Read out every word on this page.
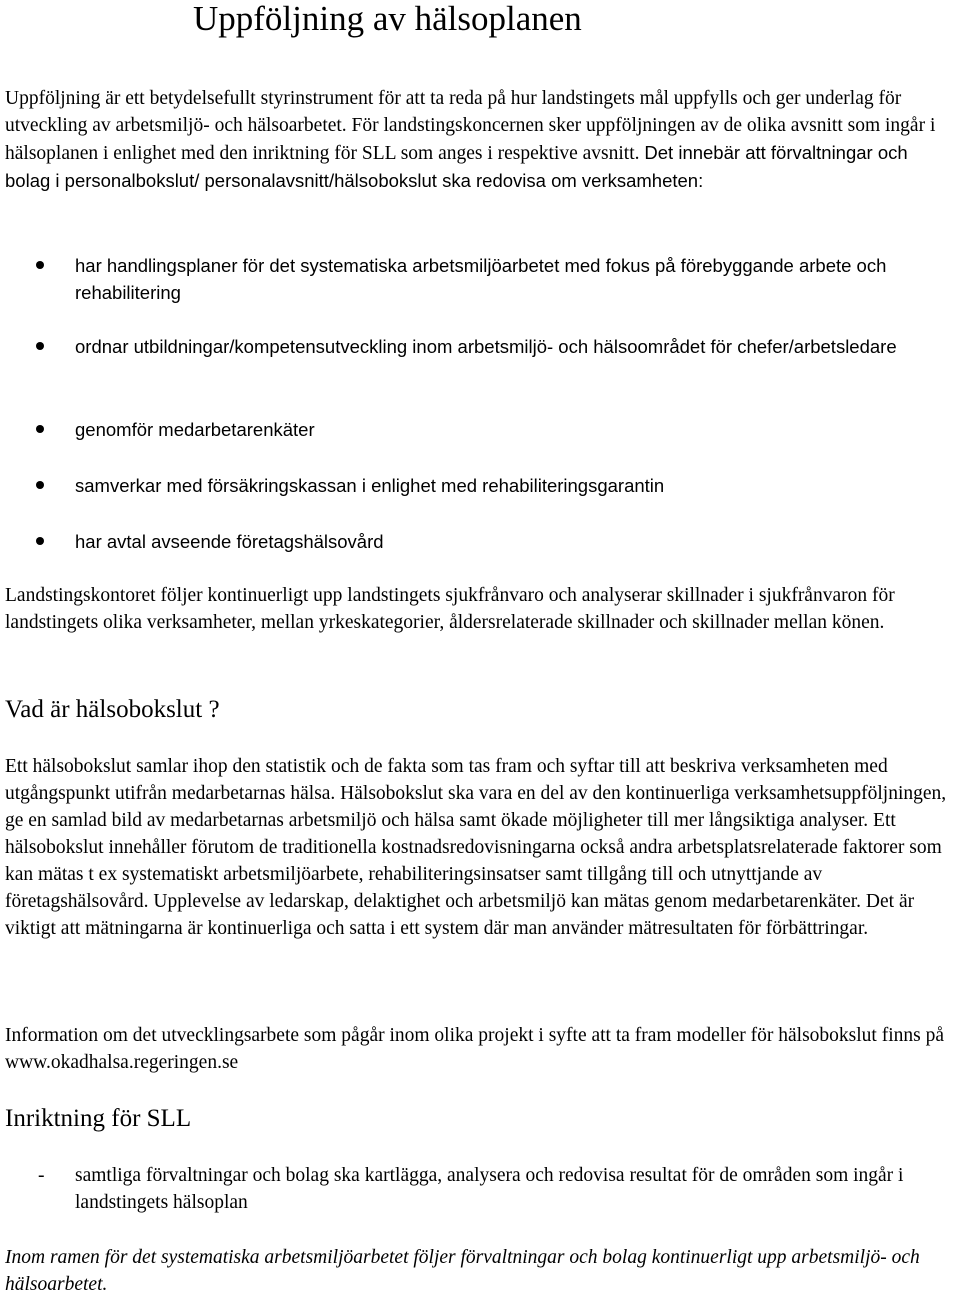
Uppföljning av hälsoplanen

Uppföljning är ett betydelsefullt styrinstrument för att ta reda på hur landstingets mål uppfylls och ger underlag för utveckling av arbetsmiljö- och hälsoarbetet. För landstingskoncernen sker uppföljningen av de olika avsnitt som ingår i hälsoplanen i enlighet med den inriktning för SLL som anges i respektive avsnitt. Det innebär att förvaltningar och bolag i personalbokslut/ personalavsnitt/hälsobokslut ska redovisa om verksamheten:

har handlingsplaner för det systematiska arbetsmiljöarbetet med fokus på förebyggande arbete och rehabilitering
ordnar utbildningar/kompetensutveckling inom arbetsmiljö- och hälsoområdet för chefer/arbetsledare
genomför medarbetarenkäter
samverkar med försäkringskassan i enlighet med rehabiliteringsgarantin
har avtal avseende företagshälsovård

Landstingskontoret följer kontinuerligt upp landstingets sjukfrånvaro och analyserar skillnader i sjukfrånvaron för landstingets olika verksamheter, mellan yrkeskategorier, åldersrelaterade skillnader och skillnader mellan könen.

Vad är hälsobokslut ?

Ett hälsobokslut samlar ihop den statistik och de fakta som tas fram och syftar till att beskriva verksamheten med utgångspunkt utifrån medarbetarnas hälsa. Hälsobokslut ska vara en del av den kontinuerliga verksamhetsuppföljningen, ge en samlad bild av medarbetarnas arbetsmiljö och hälsa samt ökade möjligheter till mer långsiktiga analyser. Ett hälsobokslut innehåller förutom de traditionella kostnadsredovisningarna också andra arbetsplatsrelaterade faktorer som kan mätas t ex systematiskt arbetsmiljöarbete, rehabiliteringsinsatser samt tillgång till och utnyttjande av företagshälsovård. Upplevelse av ledarskap, delaktighet och arbetsmiljö kan mätas genom medarbetarenkäter. Det är viktigt att mätningarna är kontinuerliga och satta i ett system där man använder mätresultaten för förbättringar.

Information om det utvecklingsarbete som pågår inom olika projekt i syfte att ta fram modeller för hälsobokslut finns på www.okadhalsa.regeringen.se

Inriktning för SLL
- samtliga förvaltningar och bolag ska kartlägga, analysera och redovisa resultat för de områden som ingår i landstingets hälsoplan

Inom ramen för det systematiska arbetsmiljöarbetet följer förvaltningar och bolag kontinuerligt upp arbetsmiljö- och hälsoarbetet.
